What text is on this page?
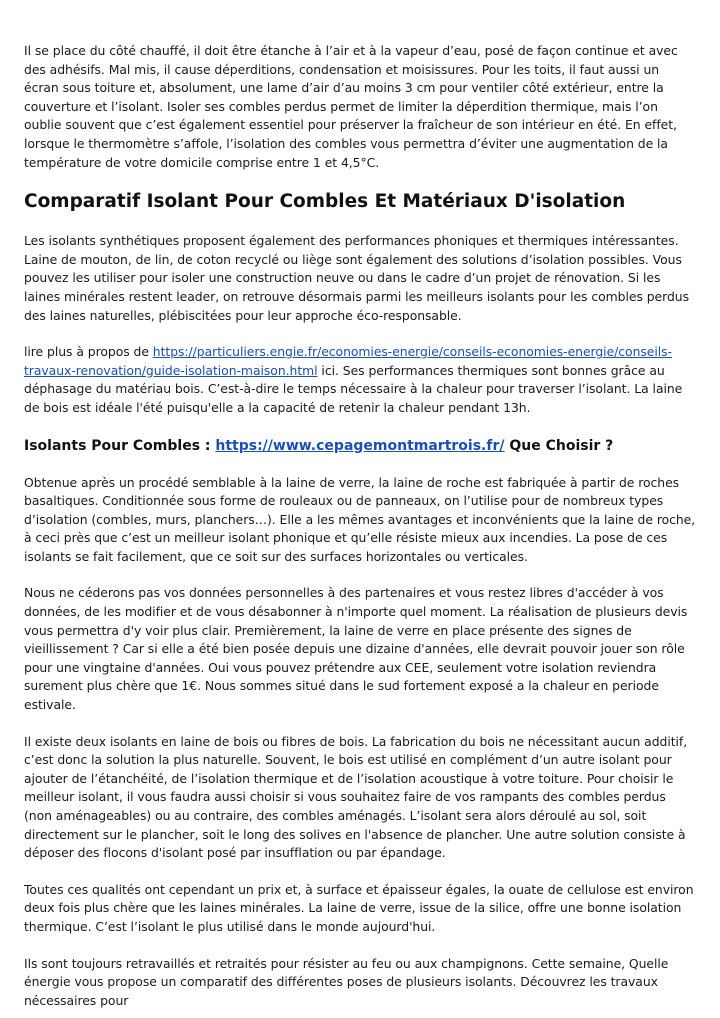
Il se place du côté chauffé, il doit être étanche à l’air et à la vapeur d’eau, posé de façon continue et avec des adhésifs. Mal mis, il cause déperditions, condensation et moisissures. Pour les toits, il faut aussi un écran sous toiture et, absolument, une lame d’air d’au moins 3 cm pour ventiler côté extérieur, entre la couverture et l’isolant. Isoler ses combles perdus permet de limiter la déperdition thermique, mais l’on oublie souvent que c’est également essentiel pour préserver la fraîcheur de son intérieur en été. En effet, lorsque le thermomètre s’affole, l’isolation des combles vous permettra d’éviter une augmentation de la température de votre domicile comprise entre 1 et 4,5°C.

Comparatif Isolant Pour Combles Et Matériaux D'isolation

Les isolants synthétiques proposent également des performances phoniques et thermiques intéressantes. Laine de mouton, de lin, de coton recyclé ou liège sont également des solutions d’isolation possibles. Vous pouvez les utiliser pour isoler une construction neuve ou dans le cadre d’un projet de rénovation. Si les laines minérales restent leader, on retrouve désormais parmi les meilleurs isolants pour les combles perdus des laines naturelles, plébiscitées pour leur approche éco-responsable.

lire plus à propos de https://particuliers.engie.fr/economies-energie/conseils-economies-energie/conseils-travaux-renovation/guide-isolation-maison.html ici. Ses performances thermiques sont bonnes grâce au déphasage du matériau bois. C’est-à-dire le temps nécessaire à la chaleur pour traverser l’isolant. La laine de bois est idéale l'été puisqu'elle a la capacité de retenir la chaleur pendant 13h.

Isolants Pour Combles : https://www.cepagemontmartrois.fr/ Que Choisir ?

Obtenue après un procédé semblable à la laine de verre, la laine de roche est fabriquée à partir de roches basaltiques. Conditionnée sous forme de rouleaux ou de panneaux, on l’utilise pour de nombreux types d’isolation (combles, murs, planchers…). Elle a les mêmes avantages et inconvénients que la laine de roche, à ceci près que c’est un meilleur isolant phonique et qu’elle résiste mieux aux incendies. La pose de ces isolants se fait facilement, que ce soit sur des surfaces horizontales ou verticales.

Nous ne céderons pas vos données personnelles à des partenaires et vous restez libres d'accéder à vos données, de les modifier et de vous désabonner à n'importe quel moment. La réalisation de plusieurs devis vous permettra d'y voir plus clair. Premièrement, la laine de verre en place présente des signes de vieillissement ? Car si elle a été bien posée depuis une dizaine d'années, elle devrait pouvoir jouer son rôle pour une vingtaine d'années. Oui vous pouvez prétendre aux CEE, seulement votre isolation reviendra surement plus chère que 1€. Nous sommes situé dans le sud fortement exposé a la chaleur en periode estivale.

Il existe deux isolants en laine de bois ou fibres de bois. La fabrication du bois ne nécessitant aucun additif, c’est donc la solution la plus naturelle. Souvent, le bois est utilisé en complément d’un autre isolant pour ajouter de l’étanchéité, de l’isolation thermique et de l’isolation acoustique à votre toiture. Pour choisir le meilleur isolant, il vous faudra aussi choisir si vous souhaitez faire de vos rampants des combles perdus (non aménageables) ou au contraire, des combles aménagés. L’isolant sera alors déroulé au sol, soit directement sur le plancher, soit le long des solives en l'absence de plancher. Une autre solution consiste à déposer des flocons d'isolant posé par insufflation ou par épandage.

Toutes ces qualités ont cependant un prix et, à surface et épaisseur égales, la ouate de cellulose est environ deux fois plus chère que les laines minérales. La laine de verre, issue de la silice, offre une bonne isolation thermique. C’est l’isolant le plus utilisé dans le monde aujourd'hui.

Ils sont toujours retravaillés et retraités pour résister au feu ou aux champignons. Cette semaine, Quelle énergie vous propose un comparatif des différentes poses de plusieurs isolants. Découvrez les travaux nécessaires pour
